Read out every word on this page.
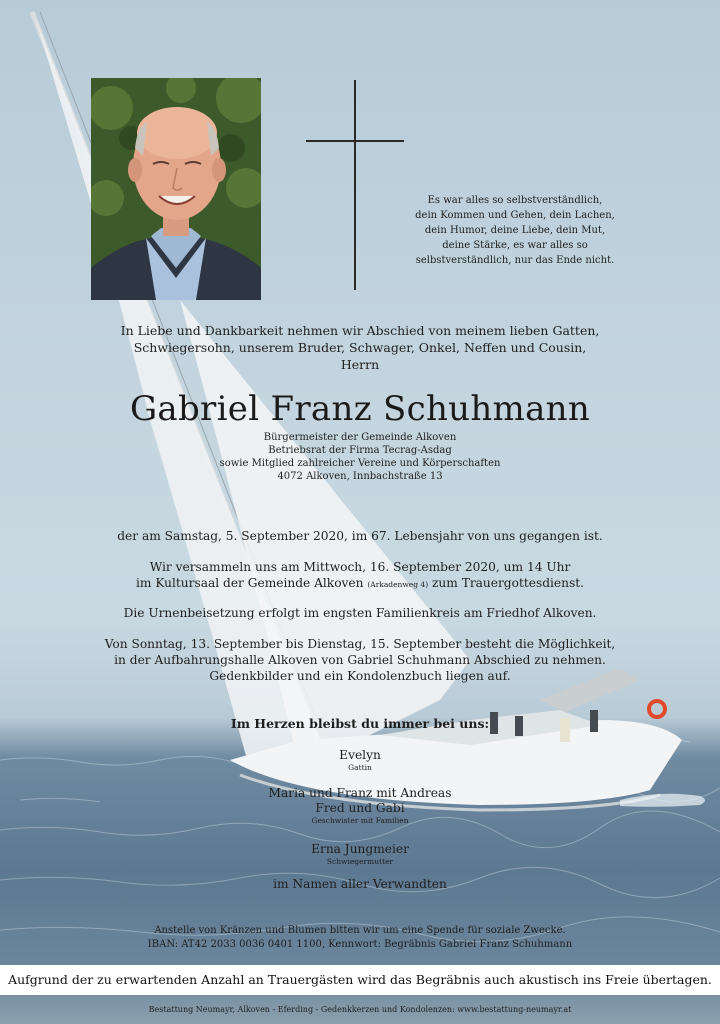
Es war alles so selbstverständlich,
dein Kommen und Gehen, dein Lachen,
dein Humor, deine Liebe, dein Mut,
deine Stärke, es war alles so
selbstverständlich, nur das Ende nicht.
In Liebe und Dankbarkeit nehmen wir Abschied von meinem lieben Gatten,
Schwiegersohn, unserem Bruder, Schwager, Onkel, Neffen und Cousin,
Herrn
Gabriel Franz Schuhmann
Bürgermeister der Gemeinde Alkoven
Betriebsrat der Firma Tecrag-Asdag
sowie Mitglied zahlreicher Vereine und Körperschaften
4072 Alkoven, Innbachstraße 13
der am Samstag, 5. September 2020, im 67. Lebensjahr von uns gegangen ist.
Wir versammeln uns am Mittwoch, 16. September 2020, um 14 Uhr
im Kultursaal der Gemeinde Alkoven (Arkadenweg 4) zum Trauergottesdienst.
Die Urnenbeisetzung erfolgt im engsten Familienkreis am Friedhof Alkoven.
Von Sonntag, 13. September bis Dienstag, 15. September besteht die Möglichkeit,
in der Aufbahrungshalle Alkoven von Gabriel Schuhmann Abschied zu nehmen.
Gedenkbilder und ein Kondolenzbuch liegen auf.
Im Herzen bleibst du immer bei uns:
Evelyn
Gattin
Maria und Franz mit Andreas
Fred und Gabi
Geschwister mit Familien
Erna Jungmeier
Schwiegermutter
im Namen aller Verwandten
Anstelle von Kränzen und Blumen bitten wir um eine Spende für soziale Zwecke.
IBAN: AT42 2033 0036 0401 1100, Kennwort: Begräbnis Gabriel Franz Schuhmann
Aufgrund der zu erwartenden Anzahl an Trauergästen wird das Begräbnis auch akustisch ins Freie übertagen.
Bestattung Neumayr, Alkoven - Eferding - Gedenkkerzen und Kondolenzen: www.bestattung-neumayr.at
